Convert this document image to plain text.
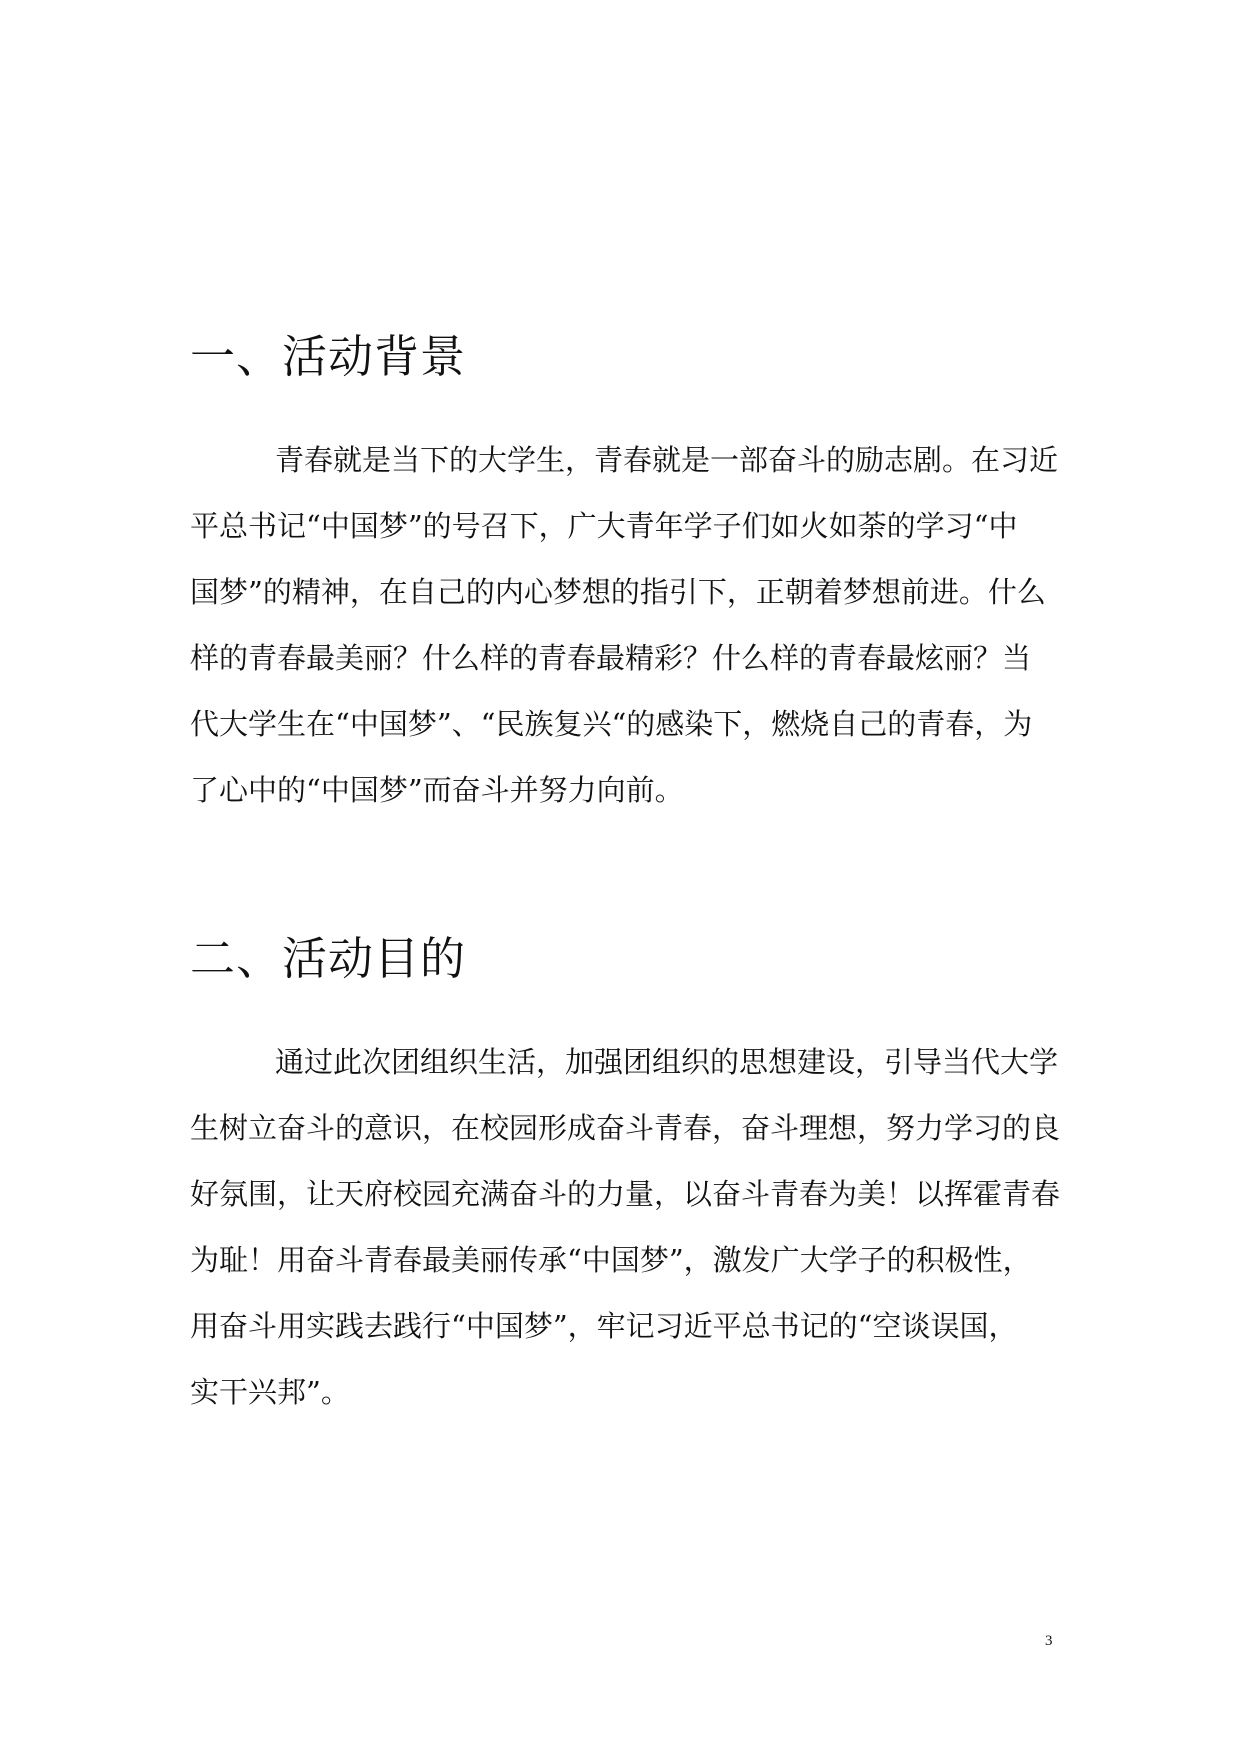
一、活动背景

青春就是当下的大学生，青春就是一部奋斗的励志剧。在习近

平总书记“中国梦”的号召下，广大青年学子们如火如荼的学习“中

国梦”的精神，在自己的内心梦想的指引下，正朝着梦想前进。什么

样的青春最美丽？什么样的青春最精彩？什么样的青春最炫丽？当

代大学生在“中国梦”、“民族复兴“的感染下，燃烧自己的青春，为

了心中的“中国梦”而奋斗并努力向前。

二、活动目的

通过此次团组织生活，加强团组织的思想建设，引导当代大学

生树立奋斗的意识，在校园形成奋斗青春，奋斗理想，努力学习的良

好氛围，让天府校园充满奋斗的力量，以奋斗青春为美！以挥霍青春

为耻！用奋斗青春最美丽传承“中国梦”，激发广大学子的积极性，

用奋斗用实践去践行“中国梦”，牢记习近平总书记的“空谈误国，

实干兴邦”。

3
